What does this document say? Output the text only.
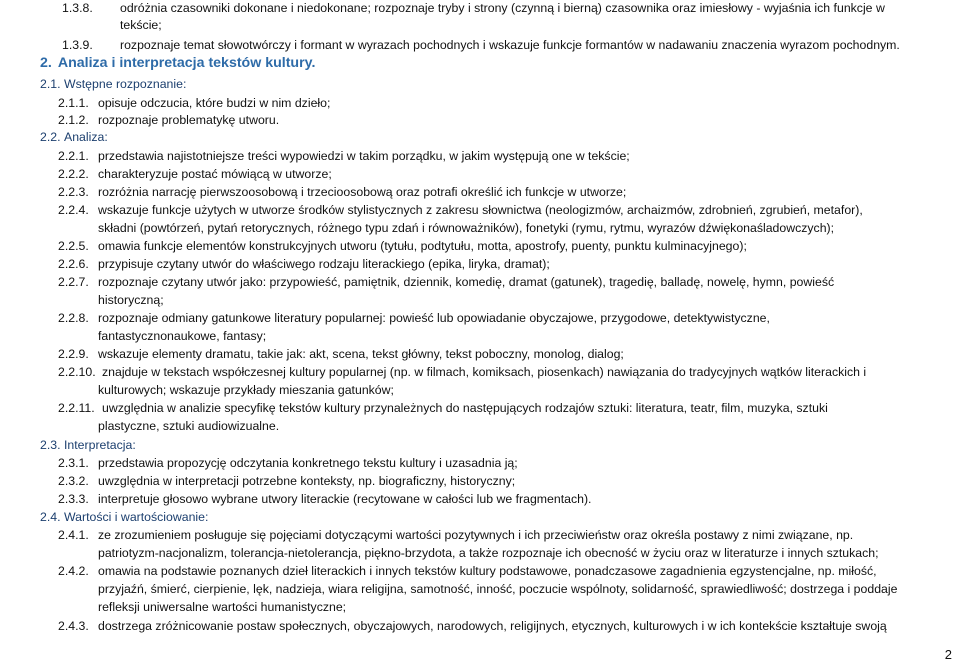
1.3.8. odróżnia czasowniki dokonane i niedokonane; rozpoznaje tryby i strony (czynną i bierną) czasownika oraz imiesłowy - wyjaśnia ich funkcje w
tekście;
1.3.9. rozpoznaje temat słowotwórczy i formant w wyrazach pochodnych i wskazuje funkcje formantów w nadawaniu znaczenia wyrazom pochodnym.
2. Analiza i interpretacja tekstów kultury.
2.1. Wstępne rozpoznanie:
2.1.1. opisuje odczucia, które budzi w nim dzieło;
2.1.2. rozpoznaje problematykę utworu.
2.2. Analiza:
2.2.1. przedstawia najistotniejsze treści wypowiedzi w takim porządku, w jakim występują one w tekście;
2.2.2. charakteryzuje postać mówiącą w utworze;
2.2.3. rozróżnia narrację pierwszoosobową i trzecioosobową oraz potrafi określić ich funkcje w utworze;
2.2.4. wskazuje funkcje użytych w utworze środków stylistycznych z zakresu słownictwa (neologizmów, archaizmów, zdrobnień, zgrubień, metafor),
składni (powtórzeń, pytań retorycznych, różnego typu zdań i równoważników), fonetyki (rymu, rytmu, wyrazów dźwiękonaśladowczych);
2.2.5. omawia funkcje elementów konstrukcyjnych utworu (tytułu, podtytułu, motta, apostrofy, puenty, punktu kulminacyjnego);
2.2.6. przypisuje czytany utwór do właściwego rodzaju literackiego (epika, liryka, dramat);
2.2.7. rozpoznaje czytany utwór jako: przypowieść, pamiętnik, dziennik, komedię, dramat (gatunek), tragedię, balladę, nowelę, hymn, powieść
historyczną;
2.2.8. rozpoznaje odmiany gatunkowe literatury popularnej: powieść lub opowiadanie obyczajowe, przygodowe, detektywistyczne,
fantastycznonaukowe, fantasy;
2.2.9. wskazuje elementy dramatu, takie jak: akt, scena, tekst główny, tekst poboczny, monolog, dialog;
2.2.10. znajduje w tekstach współczesnej kultury popularnej (np. w filmach, komiksach, piosenkach) nawiązania do tradycyjnych wątków literackich i
kulturowych; wskazuje przykłady mieszania gatunków;
2.2.11. uwzględnia w analizie specyfikę tekstów kultury przynależnych do następujących rodzajów sztuki: literatura, teatr, film, muzyka, sztuki
plastyczne, sztuki audiowizualne.
2.3. Interpretacja:
2.3.1. przedstawia propozycję odczytania konkretnego tekstu kultury i uzasadnia ją;
2.3.2. uwzględnia w interpretacji potrzebne konteksty, np. biograficzny, historyczny;
2.3.3. interpretuje głosowo wybrane utwory literackie (recytowane w całości lub we fragmentach).
2.4. Wartości i wartościowanie:
2.4.1. ze zrozumieniem posługuje się pojęciami dotyczącymi wartości pozytywnych i ich przeciwieństw oraz określa postawy z nimi związane, np.
patriotyzm-nacjonalizm, tolerancja-nietolerancja, piękno-brzydota, a także rozpoznaje ich obecność w życiu oraz w literaturze i innych sztukach;
2.4.2. omawia na podstawie poznanych dzieł literackich i innych tekstów kultury podstawowe, ponadczasowe zagadnienia egzystencjalne, np. miłość,
przyjaźń, śmierć, cierpienie, lęk, nadzieja, wiara religijna, samotność, inność, poczucie wspólnoty, solidarność, sprawiedliwość; dostrzega i poddaje
refleksji uniwersalne wartości humanistyczne;
2.4.3. dostrzega zróżnicowanie postaw społecznych, obyczajowych, narodowych, religijnych, etycznych, kulturowych i w ich kontekście kształtuje swoją
2
